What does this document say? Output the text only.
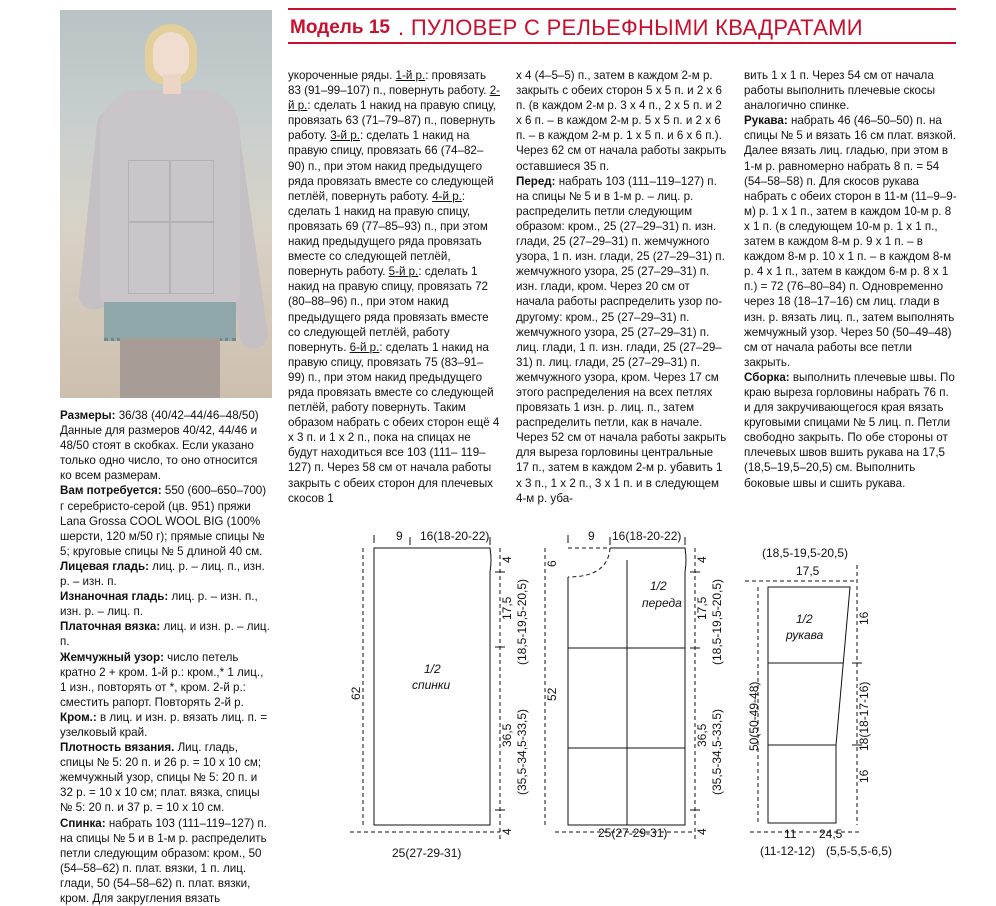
Модель 15 . ПУЛОВЕР С РЕЛЬЕФНЫМИ КВАДРАТАМИ

Размеры: 36/38 (40/42–44/46–48/50)

Данные для размеров 40/42, 44/46 и 48/50 стоят в скобках. Если указано только одно число, то оно относится ко всем размерам.

Вам потребуется: 550 (600–650–700) г серебристо-серой (цв. 951) пряжи Lana Grossa COOL WOOL BIG (100% шерсти, 120 м/50 г); прямые спицы № 5; круговые спицы № 5 длиной 40 см.

Лицевая гладь: лиц. р. – лиц. п., изн. р. – изн. п.

Изнаночная гладь: лиц. р. – изн. п., изн. р. – лиц. п.

Платочная вязка: лиц. и изн. р. – лиц. п.

Жемчужный узор: число петель кратно 2 + кром. 1-й р.: кром.,* 1 лиц., 1 изн., повторять от *, кром. 2-й р.: сместить рапорт. Повторять 2-й р.

Кром.: в лиц. и изн. р. вязать лиц. п. = узелковый край.

Плотность вязания. Лиц. гладь, спицы № 5: 20 п. и 26 р. = 10 х 10 см; жемчужный узор, спицы № 5: 20 п. и 32 р. = 10 х 10 см; плат. вязка, спицы № 5: 20 п. и 37 р. = 10 х 10 см.

Спинка: набрать 103 (111–119–127) п. на спицы № 5 и в 1-м р. распределить петли следующим образом: кром., 50 (54–58–62) п. плат. вязки, 1 п. лиц. глади, 50 (54–58–62) п. плат. вязки, кром. Для закругления вязать

укороченные ряды. 1-й р.: провязать 83 (91–99–107) п., повернуть работу. 2-й р.: сделать 1 накид на правую спицу, провязать 63 (71–79–87) п., повернуть работу. 3-й р.: сделать 1 накид на правую спицу, провязать 66 (74–82–90) п., при этом накид предыдущего ряда провязать вместе со следующей петлёй, повернуть работу. 4-й р.: сделать 1 накид на правую спицу, провязать 69 (77–85–93) п., при этом накид предыдущего ряда провязать вместе со следующей петлёй, повернуть работу. 5-й р.: сделать 1 накид на правую спицу, провязать 72 (80–88–96) п., при этом накид предыдущего ряда провязать вместе со следующей петлёй, работу повернуть. 6-й р.: сделать 1 накид на правую спицу, провязать 75 (83–91–99) п., при этом накид предыдущего ряда провязать вместе со следующей петлёй, работу повернуть. Таким образом набрать с обеих сторон ещё 4 х 3 п. и 1 х 2 п., пока на спицах не будут находиться все 103 (111– 119–127) п. Через 58 см от начала работы закрыть с обеих сторон для плечевых скосов 1

х 4 (4–5–5) п., затем в каждом 2-м р. закрыть с обеих сторон 5 х 5 п. и 2 х 6 п. (в каждом 2-м р. 3 х 4 п., 2 х 5 п. и 2 х 6 п. – в каждом 2-м р. 5 х 5 п. и 2 х 6 п. – в каждом 2-м р. 1 х 5 п. и 6 х 6 п.). Через 62 см от начала работы закрыть оставшиеся 35 п.

Перед: набрать 103 (111–119–127) п. на спицы № 5 и в 1-м р. – лиц. р. распределить петли следующим образом: кром., 25 (27–29–31) п. изн. глади, 25 (27–29–31) п. жемчужного узора, 1 п. изн. глади, 25 (27–29–31) п. жемчужного узора, 25 (27–29–31) п. изн. глади, кром. Через 20 см от начала работы распределить узор по-другому: кром., 25 (27–29–31) п. жемчужного узора, 25 (27–29–31) п. лиц. глади, 1 п. изн. глади, 25 (27–29–31) п. лиц. глади, 25 (27–29–31) п. жемчужного узора, кром. Через 17 см этого распределения на всех петлях провязать 1 изн. р. лиц. п., затем распределить петли, как в начале. Через 52 см от начала работы закрыть для выреза горловины центральные 17 п., затем в каждом 2-м р. убавить 1 х 3 п., 1 х 2 п., 3 х 1 п. и в следующем 4-м р. уба-

вить 1 х 1 п. Через 54 см от начала работы выполнить плечевые скосы аналогично спинке.

Рукава: набрать 46 (46–50–50) п. на спицы № 5 и вязать 16 см плат. вязкой. Далее вязать лиц. гладью, при этом в 1-м р. равномерно набрать 8 п. = 54 (54–58–58) п. Для скосов рукава набрать с обеих сторон в 11-м (11–9–9-м) р. 1 х 1 п., затем в каждом 10-м р. 8 х 1 п. (в следующем 10-м р. 1 х 1 п., затем в каждом 8-м р. 9 х 1 п. – в каждом 8-м р. 10 х 1 п. – в каждом 8-м р. 4 х 1 п., затем в каждом 6-м р. 8 х 1 п.) = 72 (76–80–84) п. Одновременно через 18 (18–17–16) см лиц. глади в изн. р. вязать лиц. п., затем выполнять жемчужный узор. Через 50 (50–49–48) см от начала работы все петли закрыть.

Сборка: выполнить плечевые швы. По краю выреза горловины набрать 76 п. и для закручивающегося края вязать круговыми спицами № 5 лиц. п. Петли свободно закрыть. По обе стороны от плечевых швов вшить рукава на 17,5 (18,5–19,5–20,5) см. Выполнить боковые швы и сшить рукава.

9 16(18-20-22)
62
4
17,5 (18,5-19,5-20,5)
36,5 (35,5-34,5-33,5)
4
25(27-29-31)
1/2
спинки
9 16(18-20-22)
6
52
4
17,5 (18,5-19,5-20,5)
36,5 (35,5-34,5-33,5)
4
25(27-29-31)
1/2
переда
(18,5-19,5-20,5)
17,5
16
18(18-17-16)
16
50(50-49-48)
11 24,5
(11-12-12) (5,5-5,5-6,5)
1/2
рукава
